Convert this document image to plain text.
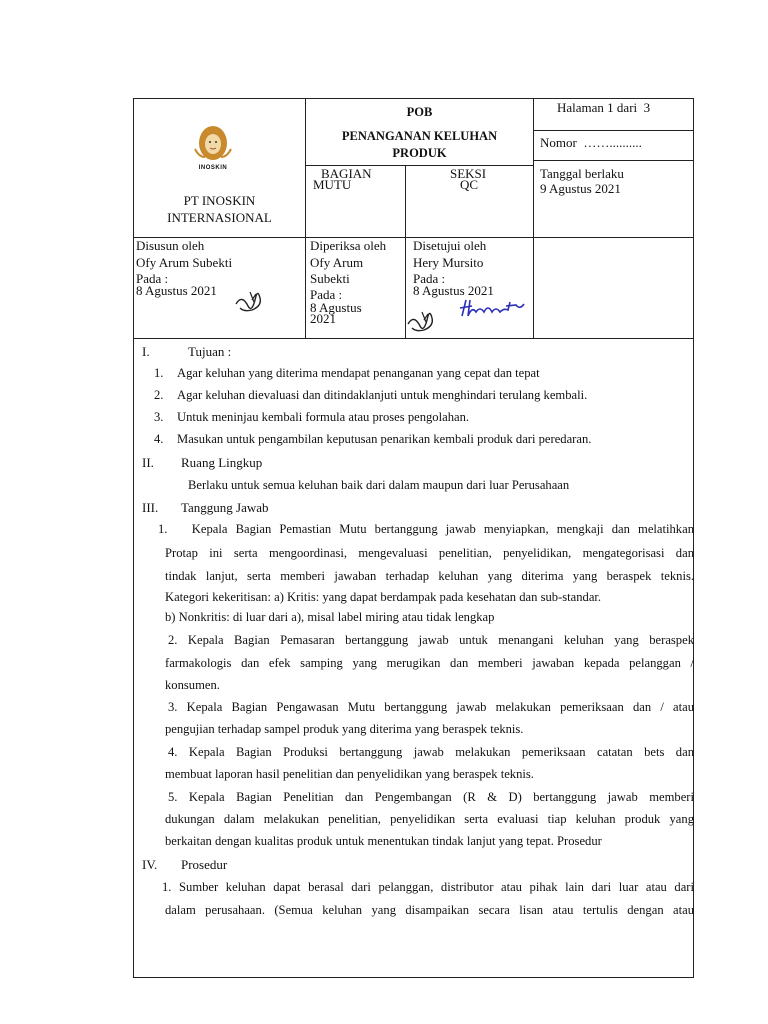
INOSKIN
PT INOSKIN
INTERNASIONAL
POB
PENANGANAN KELUHAN
PRODUK
Halaman 1 dari  3
Nomor  ……..........
Tanggal berlaku
9 Agustus 2021
BAGIAN
MUTU
SEKSI
QC
Disusun oleh
Ofy Arum Subekti
Pada :
8 Agustus 2021
Diperiksa oleh
Ofy Arum
Subekti
Pada :
8 Agustus
2021
Disetujui oleh
Hery Mursito
Pada :
8 Agustus 2021
I.	Tujuan :
1. Agar keluhan yang diterima mendapat penanganan yang cepat dan tepat
2. Agar keluhan dievaluasi dan ditindaklanjuti untuk menghindari terulang kembali.
3. Untuk meninjau kembali formula atau proses pengolahan.
4. Masukan untuk pengambilan keputusan penarikan kembali produk dari peredaran.
II. Ruang Lingkup
Berlaku untuk semua keluhan baik dari dalam maupun dari luar Perusahaan
III. Tanggung Jawab
1.   Kepala Bagian Pemastian Mutu bertanggung jawab menyiapkan, mengkaji dan melatihkan
Protap ini serta mengoordinasi, mengevaluasi penelitian, penyelidikan, mengategorisasi dan
tindak lanjut, serta memberi jawaban terhadap keluhan yang diterima yang beraspek teknis.
Kategori kekeritisan: a) Kritis: yang dapat berdampak pada kesehatan dan sub-standar.
b) Nonkritis: di luar dari a), misal label miring atau tidak lengkap
2. Kepala Bagian Pemasaran bertanggung jawab untuk menangani keluhan yang beraspek
farmakologis dan efek samping yang merugikan dan memberi jawaban kepada pelanggan /
konsumen.
3. Kepala Bagian Pengawasan Mutu bertanggung jawab melakukan pemeriksaan dan / atau
pengujian terhadap sampel produk yang diterima yang beraspek teknis.
4. Kepala Bagian Produksi bertanggung jawab melakukan pemeriksaan catatan bets dan
membuat laporan hasil penelitian dan penyelidikan yang beraspek teknis.
5. Kepala Bagian Penelitian dan Pengembangan (R & D) bertanggung jawab memberi
dukungan dalam melakukan penelitian, penyelidikan serta evaluasi tiap keluhan produk yang
berkaitan dengan kualitas produk untuk menentukan tindak lanjut yang tepat. Prosedur
IV. Prosedur
1. Sumber keluhan dapat berasal dari pelanggan, distributor atau pihak lain dari luar atau dari
dalam perusahaan. (Semua keluhan yang disampaikan secara lisan atau tertulis dengan atau
